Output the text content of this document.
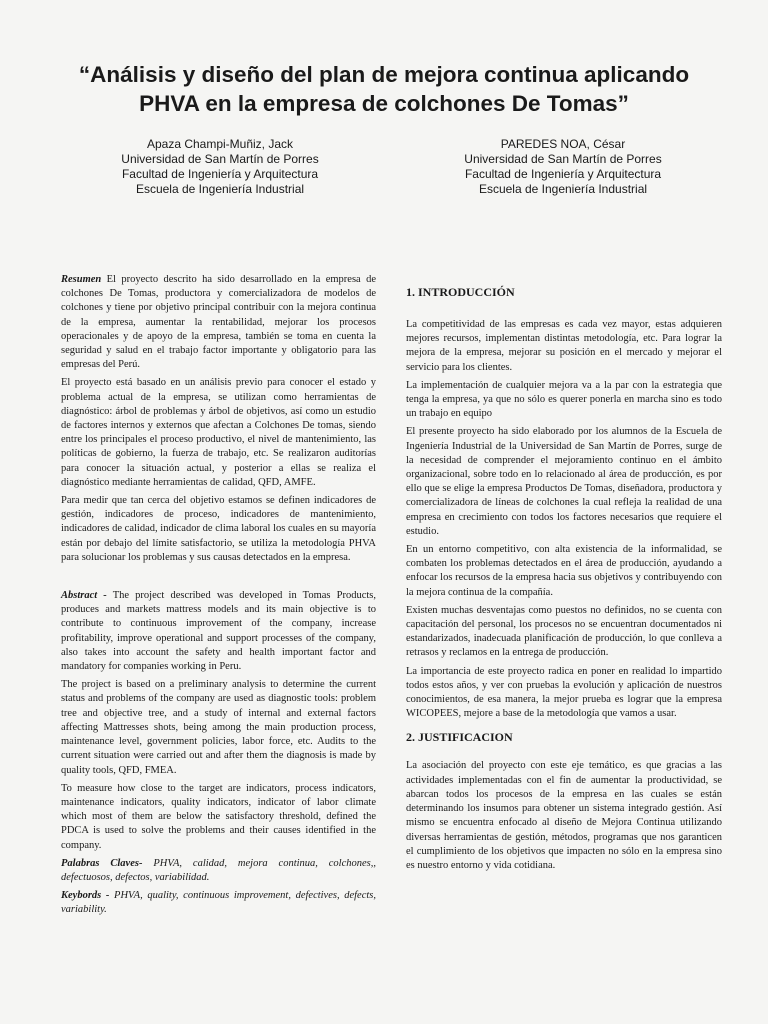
“Análisis y diseño del plan de mejora continua aplicando
PHVA en la empresa de colchones De Tomas”
Apaza Champi-Muñiz, Jack
Universidad de San Martín de Porres
Facultad de Ingeniería y Arquitectura
Escuela de Ingeniería Industrial
PAREDES NOA, César
Universidad de San Martín de Porres
Facultad de Ingeniería y Arquitectura
Escuela de Ingeniería Industrial

Resumen El proyecto descrito ha sido desarrollado en la empresa de colchones De Tomas, productora y comercializadora de modelos de colchones y tiene por objetivo principal contribuir con la mejora continua de la empresa, aumentar la rentabilidad, mejorar los procesos operacionales y de apoyo de la empresa, también se toma en cuenta la seguridad y salud en el trabajo factor importante y obligatorio para las empresas del Perú.

El proyecto está basado en un análisis previo para conocer el estado y problema actual de la empresa, se utilizan como herramientas de diagnóstico: árbol de problemas y árbol de objetivos, así como un estudio de factores internos y externos que afectan a Colchones De tomas, siendo entre los principales el proceso productivo, el nivel de mantenimiento, las políticas de gobierno, la fuerza de trabajo, etc. Se realizaron auditorías para conocer la situación actual, y posterior a ellas se realiza el diagnóstico mediante herramientas de calidad, QFD, AMFE.

Para medir que tan cerca del objetivo estamos se definen indicadores de gestión, indicadores de proceso, indicadores de mantenimiento, indicadores de calidad, indicador de clima laboral los cuales en su mayoría están por debajo del límite satisfactorio, se utiliza la metodología PHVA para solucionar los problemas y sus causas detectados en la empresa.

Abstract - The project described was developed in Tomas Products, produces and markets mattress models and its main objective is to contribute to continuous improvement of the company, increase profitability, improve operational and support processes of the company, also takes into account the safety and health important factor and mandatory for companies working in Peru.

The project is based on a preliminary analysis to determine the current status and problems of the company are used as diagnostic tools: problem tree and objective tree, and a study of internal and external factors affecting Mattresses shots, being among the main production process, maintenance level, government policies, labor force, etc. Audits to the current situation were carried out and after them the diagnosis is made by quality tools, QFD, FMEA.

To measure how close to the target are indicators, process indicators, maintenance indicators, quality indicators, indicator of labor climate which most of them are below the satisfactory threshold, defined the PDCA is used to solve the problems and their causes identified in the company.

Palabras Claves- PHVA, calidad, mejora continua, colchones,, defectuosos, defectos, variabilidad.

Keybords - PHVA, quality, continuous improvement, defectives, defects, variability.

1. INTRODUCCIÓN

La competitividad de las empresas es cada vez mayor, estas adquieren mejores recursos, implementan distintas metodología, etc. Para lograr la mejora de la empresa, mejorar su posición en el mercado y mejorar el servicio para los clientes.

La implementación de cualquier mejora va a la par con la estrategia que tenga la empresa, ya que no sólo es querer ponerla en marcha sino es todo un trabajo en equipo

El presente proyecto ha sido elaborado por los alumnos de la Escuela de Ingeniería Industrial de la Universidad de San Martín de Porres, surge de la necesidad de comprender el mejoramiento continuo en el ámbito organizacional, sobre todo en lo relacionado al área de producción, es por ello que se elige la empresa Productos De Tomas, diseñadora, productora y comercializadora de líneas de colchones la cual refleja la realidad de una empresa en crecimiento con todos los factores necesarios que requiere el estudio.

En un entorno competitivo, con alta existencia de la informalidad, se combaten los problemas detectados en el área de producción, ayudando a enfocar los recursos de la empresa hacia sus objetivos y contribuyendo con la mejora continua de la compañía.

Existen muchas desventajas como puestos no definidos, no se cuenta con capacitación del personal, los procesos no se encuentran documentados ni estandarizados, inadecuada planificación de producción, lo que conlleva a retrasos y reclamos en la entrega de producción.

La importancia de este proyecto radica en poner en realidad lo impartido todos estos años, y ver con pruebas la evolución y aplicación de nuestros conocimientos, de esa manera, la mejor prueba es lograr que la empresa WICOPEES, mejore a base de la metodología que vamos a usar.

2. JUSTIFICACION

La asociación del proyecto con este eje temático, es que gracias a las actividades implementadas con el fin de aumentar la productividad, se abarcan todos los procesos de la empresa en las cuales se están determinando los insumos para obtener un sistema integrado gestión. Así mismo se encuentra enfocado al diseño de Mejora Continua utilizando diversas herramientas de gestión, métodos, programas que nos garanticen el cumplimiento de los objetivos que impacten no sólo en la empresa sino es nuestro entorno y vida cotidiana.
